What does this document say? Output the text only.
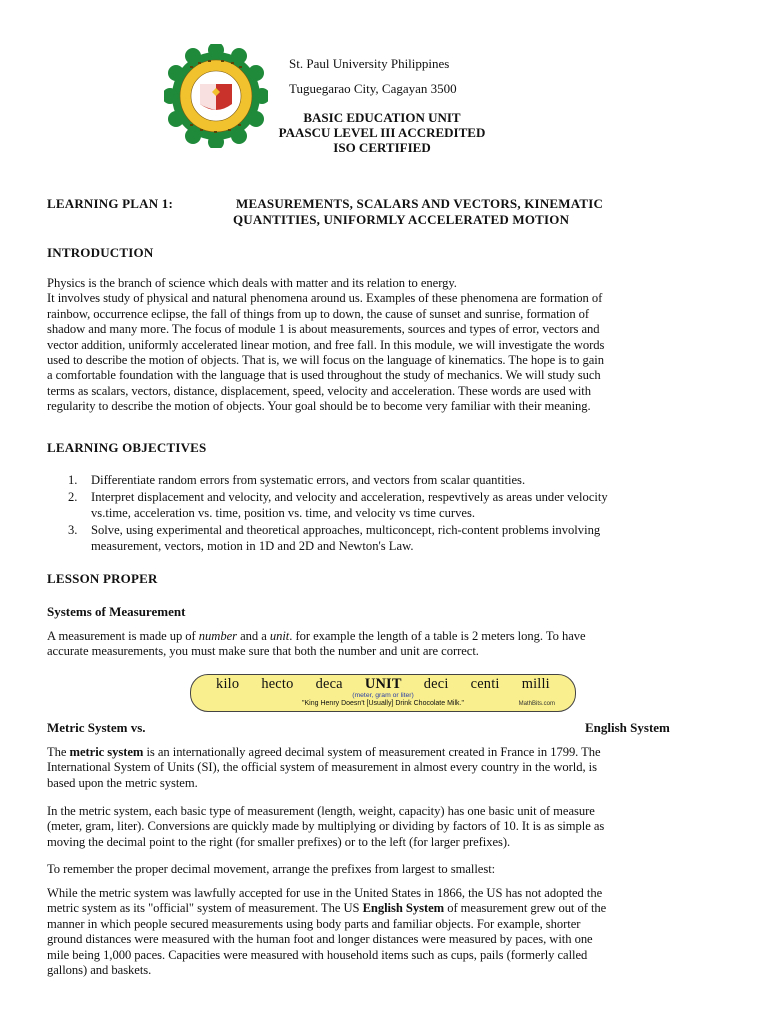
St. Paul University Philippines
Tuguegarao City, Cagayan 3500
BASIC EDUCATION UNIT
PAASCU LEVEL III ACCREDITED
ISO CERTIFIED
LEARNING PLAN 1:	MEASUREMENTS, SCALARS AND VECTORS, KINEMATIC
QUANTITIES, UNIFORMLY ACCELERATED MOTION
INTRODUCTION
Physics is the branch of science which deals with matter and its relation to energy.
It involves study of physical and natural phenomena around us. Examples of these phenomena are formation of
rainbow, occurrence eclipse, the fall of things from up to down, the cause of sunset and sunrise, formation of
shadow and many more. The focus of module 1 is about measurements, sources and types of error, vectors and
vector addition, uniformly accelerated linear motion, and free fall. In this module, we will investigate the words
used to describe the motion of objects. That is, we will focus on the language of kinematics. The hope is to gain
a comfortable foundation with the language that is used throughout the study of mechanics. We will study such
terms as scalars, vectors, distance, displacement, speed, velocity and acceleration. These words are used with
regularity to describe the motion of objects. Your goal should be to become very familiar with their meaning.
LEARNING OBJECTIVES
1. Differentiate random errors from systematic errors, and vectors from scalar quantities.
2. Interpret displacement and velocity, and velocity and acceleration, respevtively as areas under velocity
vs.time, acceleration vs. time, position vs. time, and velocity vs time curves.
3. Solve, using experimental and theoretical approaches, multiconcept, rich-content problems involving
measurement, vectors, motion in 1D and 2D and Newton's Law.
LESSON PROPER
Systems of Measurement
A measurement is made up of number and a unit. for example the length of a table is 2 meters long. To have
accurate measurements, you must make sure that both the number and unit are correct.
kilo hecto deca UNIT deci centi milli
(meter, gram or liter)
"King Henry Doesn't [Usually] Drink Chocolate Milk."	MathBits.com
Metric System vs.	English System
The metric system is an internationally agreed decimal system of measurement created in France in 1799. The
International System of Units (SI), the official system of measurement in almost every country in the world, is
based upon the metric system.
In the metric system, each basic type of measurement (length, weight, capacity) has one basic unit of measure
(meter, gram, liter). Conversions are quickly made by multiplying or dividing by factors of 10. It is as simple as
moving the decimal point to the right (for smaller prefixes) or to the left (for larger prefixes).
To remember the proper decimal movement, arrange the prefixes from largest to smallest:
While the metric system was lawfully accepted for use in the United States in 1866, the US has not adopted the
metric system as its "official" system of measurement. The US English System of measurement grew out of the
manner in which people secured measurements using body parts and familiar objects. For example, shorter
ground distances were measured with the human foot and longer distances were measured by paces, with one
mile being 1,000 paces. Capacities were measured with household items such as cups, pails (formerly called
gallons) and baskets.
